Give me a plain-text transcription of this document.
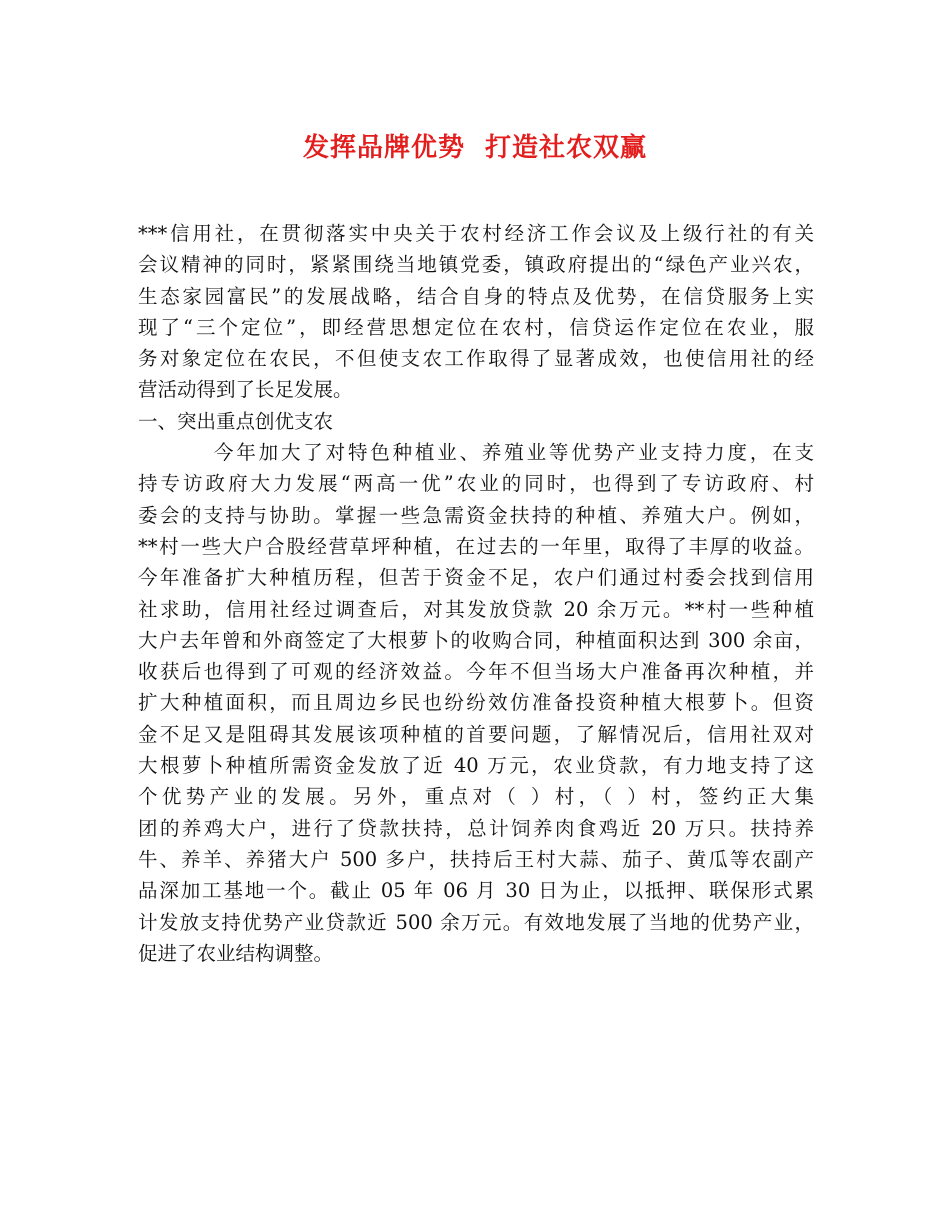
发挥品牌优势  打造社农双赢
***信用社，在贯彻落实中央关于农村经济工作会议及上级行社的有关
会议精神的同时，紧紧围绕当地镇党委，镇政府提出的“绿色产业兴农，
生态家园富民”的发展战略，结合自身的特点及优势，在信贷服务上实
现了“三个定位”，即经营思想定位在农村，信贷运作定位在农业，服
务对象定位在农民，不但使支农工作取得了显著成效，也使信用社的经
营活动得到了长足发展。
一、突出重点创优支农
今年加大了对特色种植业、养殖业等优势产业支持力度，在支
持专访政府大力发展“两高一优”农业的同时，也得到了专访政府、村
委会的支持与协助。掌握一些急需资金扶持的种植、养殖大户。例如，
**村一些大户合股经营草坪种植，在过去的一年里，取得了丰厚的收益。
今年准备扩大种植历程，但苦于资金不足，农户们通过村委会找到信用
社求助，信用社经过调查后，对其发放贷款 20 余万元。**村一些种植
大户去年曾和外商签定了大根萝卜的收购合同，种植面积达到 300 余亩，
收获后也得到了可观的经济效益。今年不但当场大户准备再次种植，并
扩大种植面积，而且周边乡民也纷纷效仿准备投资种植大根萝卜。但资
金不足又是阻碍其发展该项种植的首要问题，了解情况后，信用社双对
大根萝卜种植所需资金发放了近 40 万元，农业贷款，有力地支持了这
个优势产业的发展。另外，重点对（ ）村，（ ）村，签约正大集
团的养鸡大户，进行了贷款扶持，总计饲养肉食鸡近 20 万只。扶持养
牛、养羊、养猪大户 500 多户，扶持后王村大蒜、茄子、黄瓜等农副产
品深加工基地一个。截止 05 年 06 月 30 日为止，以抵押、联保形式累
计发放支持优势产业贷款近 500 余万元。有效地发展了当地的优势产业，
促进了农业结构调整。
